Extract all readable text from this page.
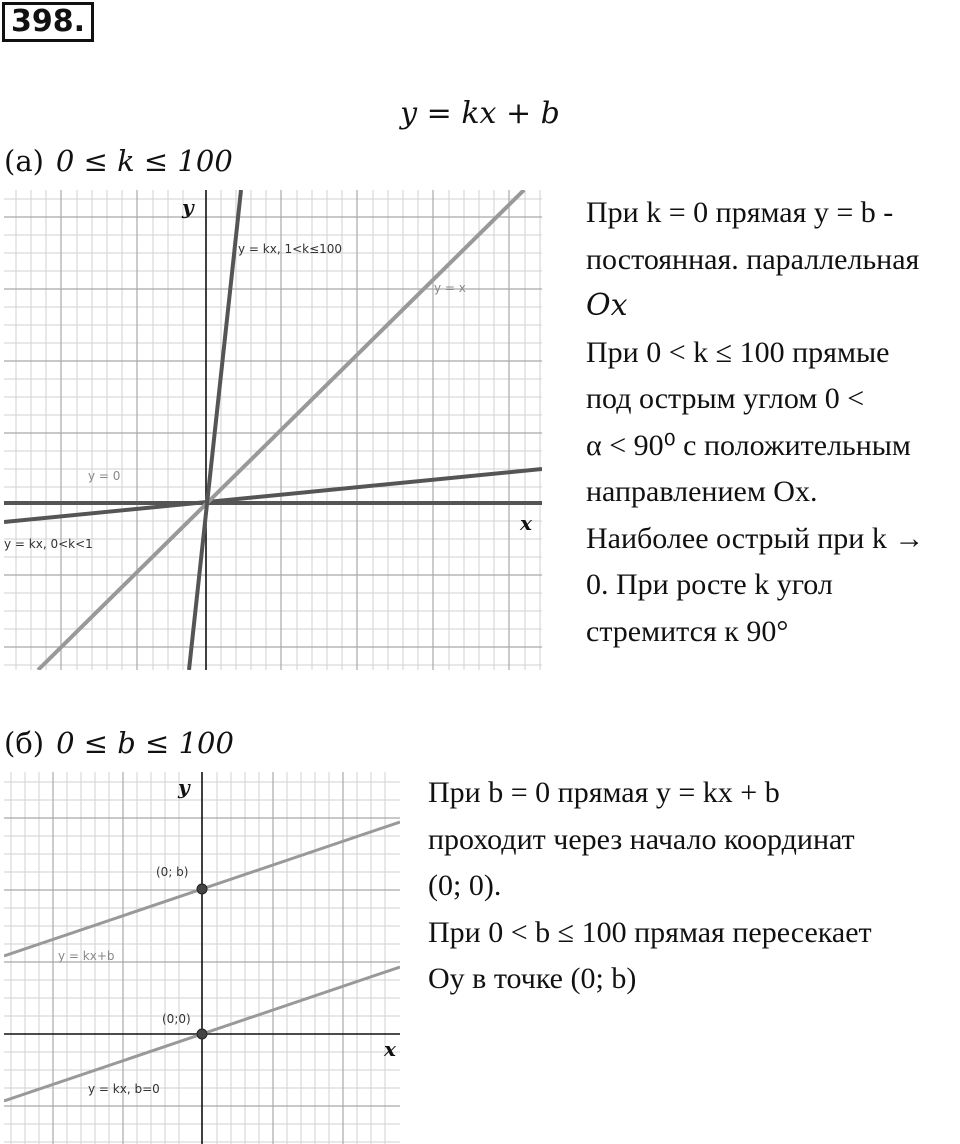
398.
y = kx + b
(а) 0 ≤ k ≤ 100
y
x
y = kx, 1<k≤100
y = x
y = 0
y = kx, 0<k<1

При k = 0 прямая y = b -

постоянная. параллельная

Ox

При 0 < k ≤ 100 прямые

под острым углом 0 <

α < 90⁰ с положительным

направлением Ox.

Наиболее острый при k →

0. При росте k угол

стремится к 90°

(б) 0 ≤ b ≤ 100
y
x
(0; b)
(0;0)
y = kx+b
y = kx, b=0

При b = 0 прямая y = kx + b

проходит через начало координат

(0; 0).

При 0 < b ≤ 100 прямая пересекает

Oy в точке (0; b)
